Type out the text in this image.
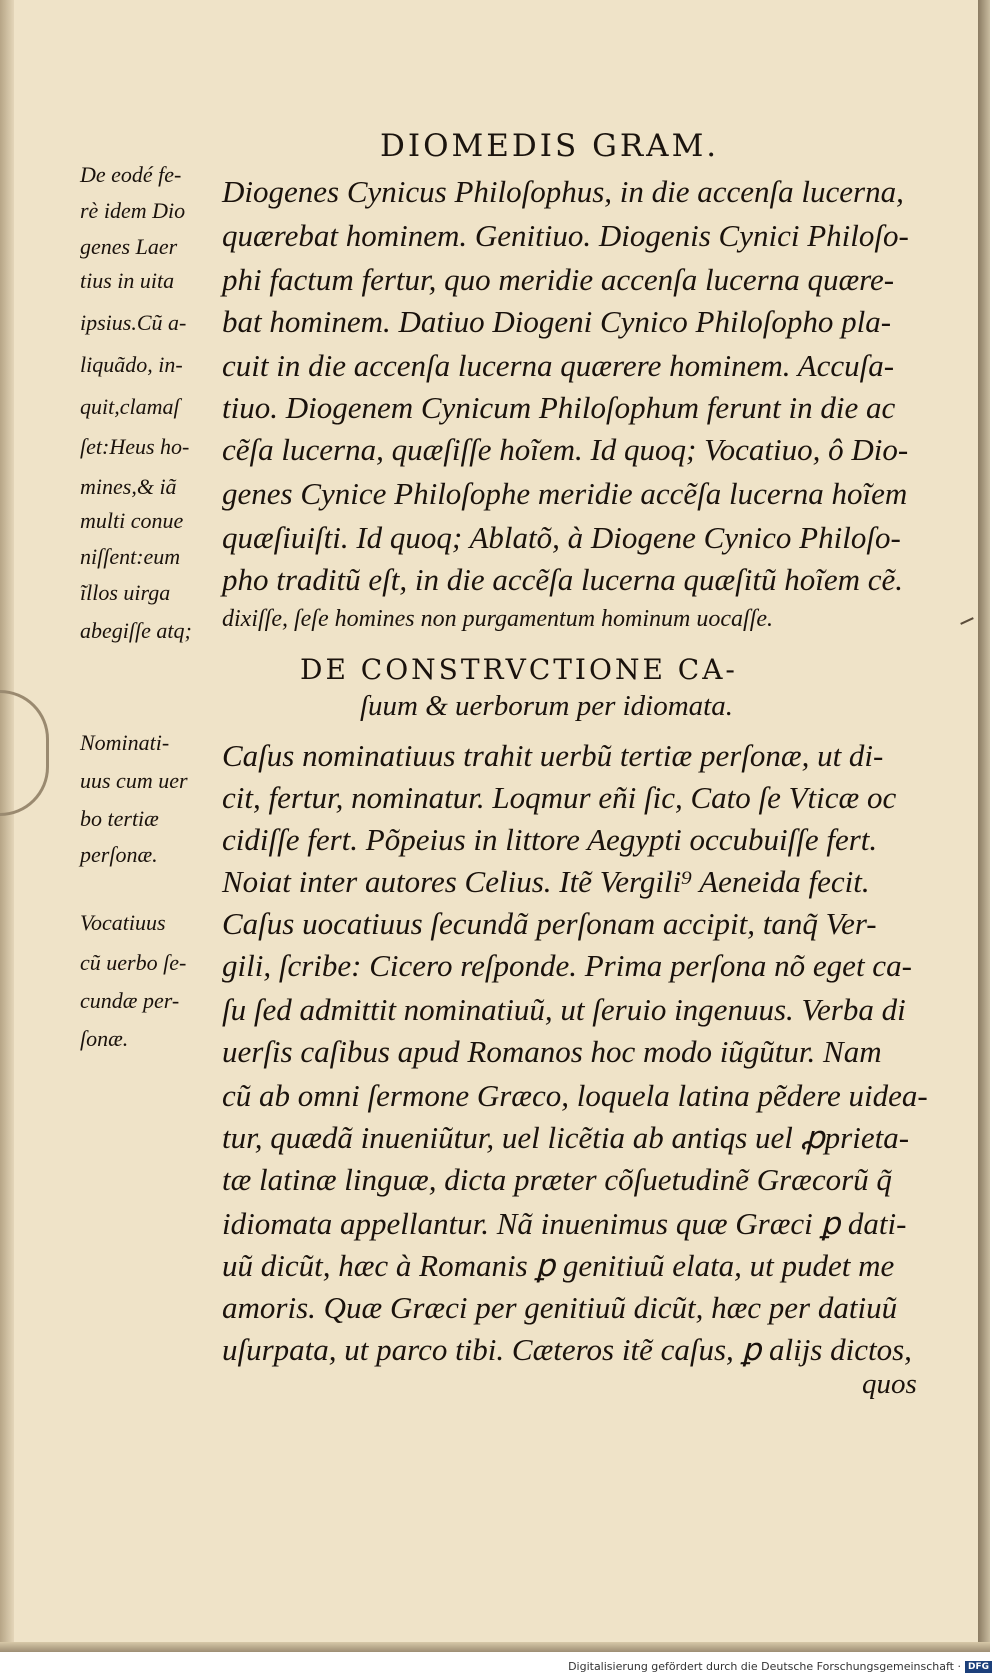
DIOMEDIS GRAM.
De eodé fe-
rè idem Dio
genes Laer
tius in uita
ipsius.Cũ a-
liquãdo, in-
quit,clamaſ
ſet:Heus ho-
mines,& iã
multi conue
niſſent:eum
ĩllos uirga
abegiſſe atq;
Diogenes Cynicus Philoſophus, in die accenſa lucerna,
quærebat hominem. Genitiuo. Diogenis Cynici Philoſo-
phi factum fertur, quo meridie accenſa lucerna quære-
bat hominem. Datiuo Diogeni Cynico Philoſopho pla-
cuit in die accenſa lucerna quærere hominem. Accuſa-
tiuo. Diogenem Cynicum Philoſophum ferunt in die ac
cẽſa lucerna, quæſiſſe hoĩem. Id quoq; Vocatiuo, ô Dio-
genes Cynice Philoſophe meridie accẽſa lucerna hoĩem
quæſiuiſti. Id quoq; Ablatõ, à Diogene Cynico Philoſo-
pho traditũ eſt, in die accẽſa lucerna quæſitũ hoĩem cẽ.
dixiſſe, ſeſe homines non purgamentum hominum uocaſſe.
DE CONSTRVCTIONE CA-
ſuum & uerborum per idiomata.
Nominati-
uus cum uer
bo tertiæ
perſonæ.
Vocatiuus
cũ uerbo ſe-
cundæ per-
ſonæ.
Caſus nominatiuus trahit uerbũ tertiæ perſonæ, ut di-
cit, fertur, nominatur. Loqmur eñi ſic, Cato ſe Vticæ oc
cidiſſe fert. Põpeius in littore Aegypti occubuiſſe fert.
Noiat inter autores Celius. Itẽ Vergili⁹ Aeneida fecit.
Caſus uocatiuus ſecundã perſonam accipit, tanq̃ Ver-
gili, ſcribe: Cicero reſponde. Prima perſona nõ eget ca-
ſu ſed admittit nominatiuũ, ut ſeruio ingenuus. Verba di
uerſis caſibus apud Romanos hoc modo iũgũtur. Nam
cũ ab omni ſermone Græco, loquela latina pẽdere uidea-
tur, quædã inueniũtur, uel licẽtia ab antiqs uel ꝓprieta-
tæ latinæ linguæ, dicta præter cõſuetudinẽ Græcorũ q̃
idiomata appellantur. Nã inuenimus quæ Græci ꝑ dati-
uũ dicũt, hæc à Romanis ꝑ genitiuũ elata, ut pudet me
amoris. Quæ Græci per genitiuũ dicũt, hæc per datiuũ
uſurpata, ut parco tibi. Cæteros itẽ caſus, ꝑ alijs dictos,
quos
Digitalisierung gefördert durch die Deutsche Forschungsgemeinschaft · DFG
